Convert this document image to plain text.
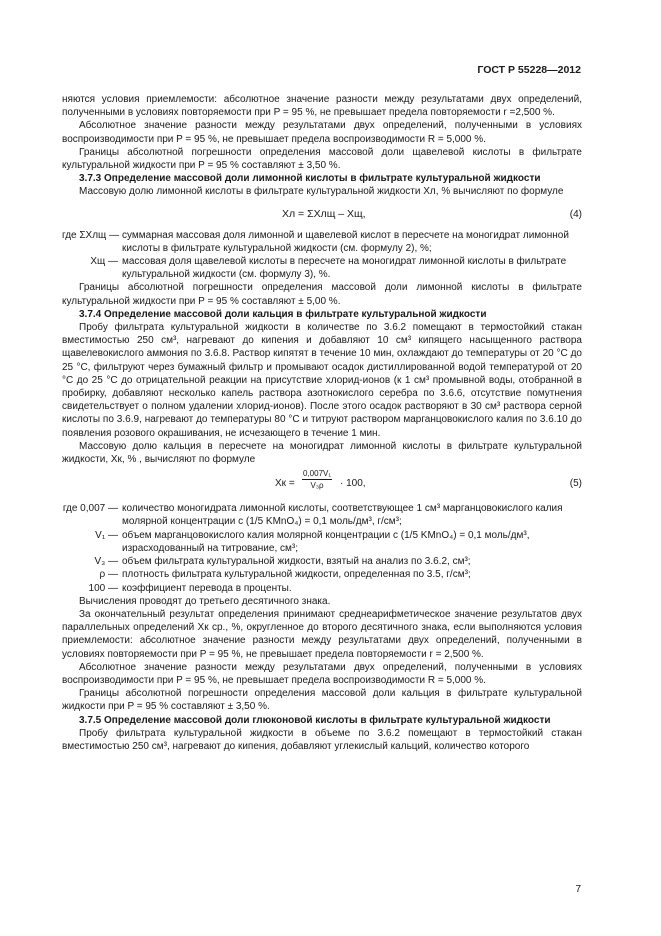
ГОСТ Р 55228—2012

няются условия приемлемости: абсолютное значение разности между результатами двух определений, полученными в условиях повторяемости при P = 95 %, не превышает предела повторяемости r =2,500 %.

Абсолютное значение разности между результатами двух определений, полученными в условиях воспроизводимости при P = 95 %, не превышает предела воспроизводимости R = 5,000 %.

Границы абсолютной погрешности определения массовой доли щавелевой кислоты в фильтрате культуральной жидкости при P = 95 % составляют ± 3,50 %.

3.7.3 Определение массовой доли лимонной кислоты в фильтрате культуральной жидкости

Массовую долю лимонной кислоты в фильтрате культуральной жидкости Xл, % вычисляют по формуле

Xл = ΣXлщ – Xщ,	(4)
где ΣXлщ — суммарная массовая доля лимонной и щавелевой кислот в пересчете на моногидрат лимонной кислоты в фильтрате культуральной жидкости (см. формулу 2), %;
Xщ — массовая доля щавелевой кислоты в пересчете на моногидрат лимонной кислоты в фильтрате культуральной жидкости (см. формулу 3), %.

Границы абсолютной погрешности определения массовой доли лимонной кислоты в фильтрате культуральной жидкости при P = 95 % составляют ± 5,00 %.

3.7.4 Определение массовой доли кальция в фильтрате культуральной жидкости

Пробу фильтрата культуральной жидкости в количестве по 3.6.2 помещают в термостойкий стакан вместимостью 250 см³, нагревают до кипения и добавляют 10 см³ кипящего насыщенного раствора щавелевокислого аммония по 3.6.8. Раствор кипятят в течение 10 мин, охлаждают до температуры от 20 °С до 25 °С, фильтруют через бумажный фильтр и промывают осадок дистиллированной водой температурой от 20 °С до 25 °С до отрицательной реакции на присутствие хлорид-ионов (к 1 см³ промывной воды, отобранной в пробирку, добавляют несколько капель раствора азотнокислого серебра по 3.6.6, отсутствие помутнения свидетельствует о полном удалении хлорид-ионов). После этого осадок растворяют в 30 см³ раствора серной кислоты по 3.6.9, нагревают до температуры 80 °С и титруют раствором марганцовокислого калия по 3.6.10 до появления розового окрашивания, не исчезающего в течение 1 мин.

Массовую долю кальция в пересчете на моногидрат лимонной кислоты в фильтрате культуральной жидкости, Xк, % , вычисляют по формуле

Xк = $\frac{\text{0,007V₁}}{\text{V₃ρ}} \cdot 100$,	(5)
где 0,007 — количество моногидрата лимонной кислоты, соответствующее 1 см³ марганцовокислого калия молярной концентрации с (1/5 KMnO₄) = 0,1 моль/дм³, г/см³;
V₁ — объем марганцовокислого калия молярной концентрации с (1/5 KMnO₄) = 0,1 моль/дм³, израсходованный на титрование, см³;
V₃ — объем фильтрата культуральной жидкости, взятый на анализ по 3.6.2, см³;
ρ — плотность фильтрата культуральной жидкости, определенная по 3.5, г/см³;
100 — коэффициент перевода в проценты.

Вычисления проводят до третьего десятичного знака.

За окончательный результат определения принимают среднеарифметическое значение результатов двух параллельных определений Xк ср., %, округленное до второго десятичного знака, если выполняются условия приемлемости: абсолютное значение разности между результатами двух определений, полученными в условиях повторяемости при P = 95 %, не превышает предела повторяемости r = 2,500 %.

Абсолютное значение разности между результатами двух определений, полученными в условиях воспроизводимости при P = 95 %, не превышает предела воспроизводимости R = 5,000 %.

Границы абсолютной погрешности определения массовой доли кальция в фильтрате культуральной жидкости при P = 95 % составляют ± 3,50 %.

3.7.5 Определение массовой доли глюконовой кислоты в фильтрате культуральной жидкости

Пробу фильтрата культуральной жидкости в объеме по 3.6.2 помещают в термостойкий стакан вместимостью 250 см³, нагревают до кипения, добавляют углекислый кальций, количество которого

7
